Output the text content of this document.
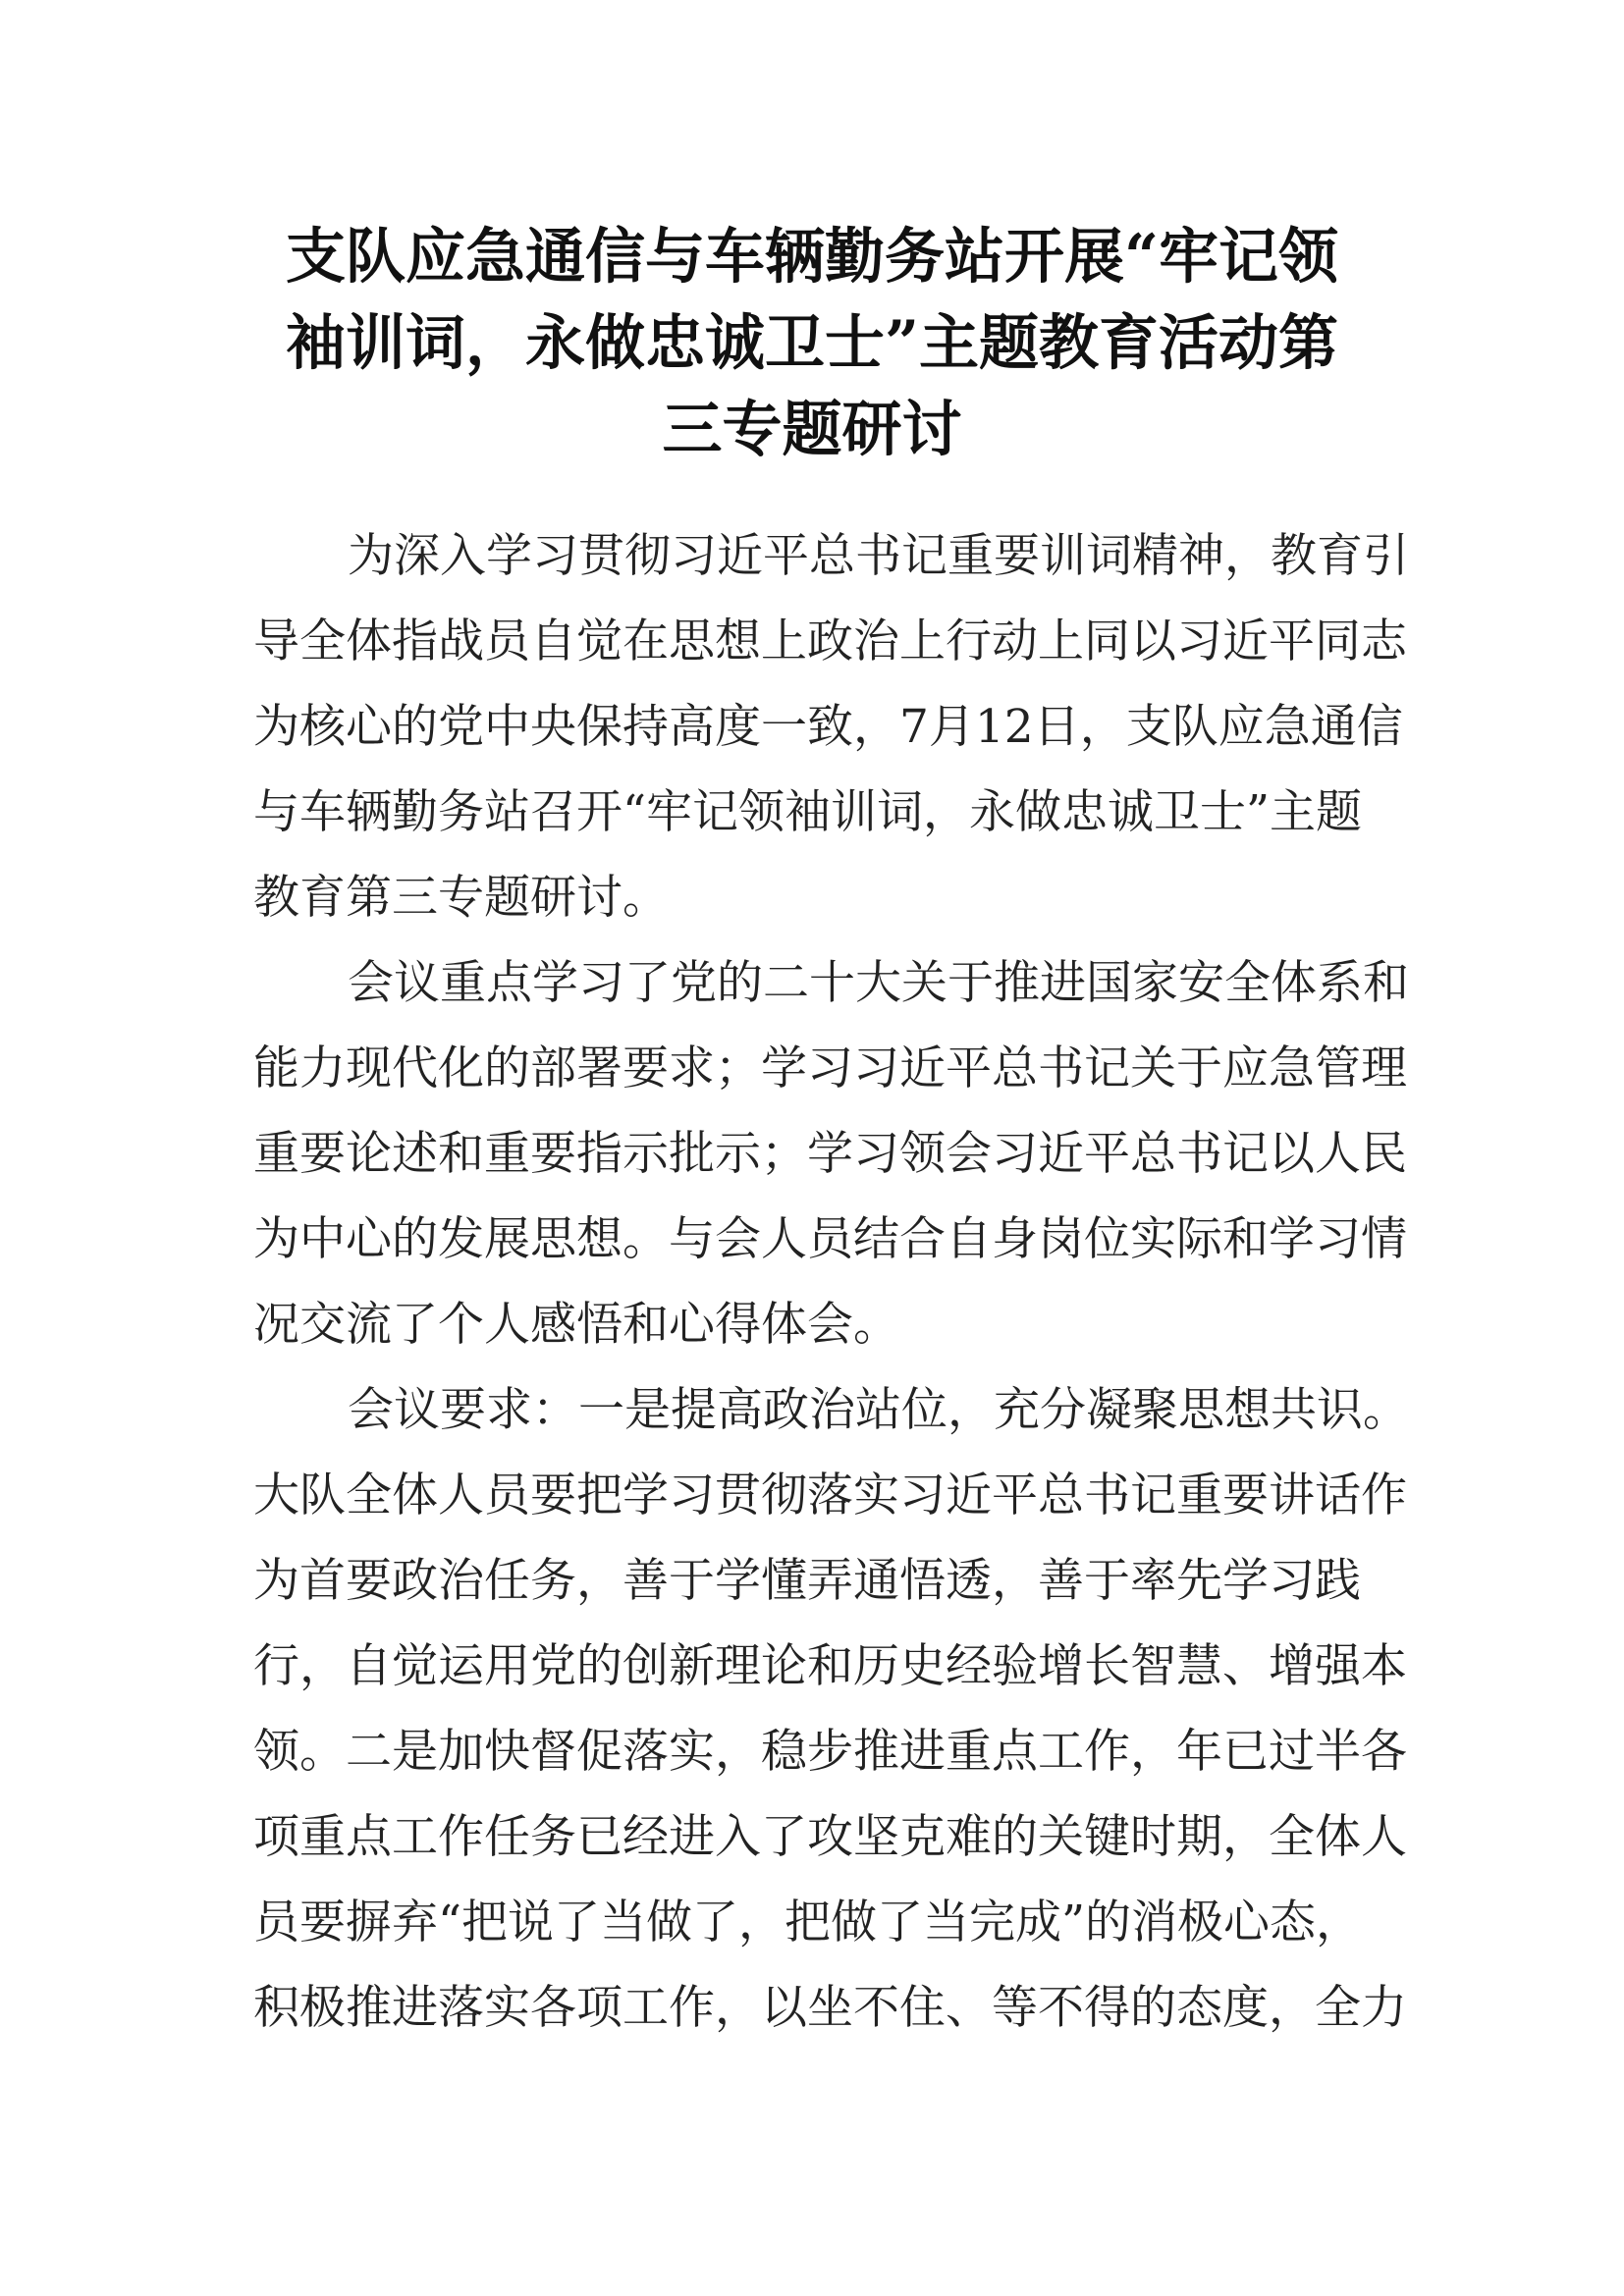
支队应急通信与车辆勤务站开展“牢记领
袖训词，永做忠诚卫士”主题教育活动第
三专题研讨
为深入学习贯彻习近平总书记重要训词精神，教育引
导全体指战员自觉在思想上政治上行动上同以习近平同志
为核心的党中央保持高度一致，7月12日，支队应急通信
与车辆勤务站召开“牢记领袖训词，永做忠诚卫士”主题
教育第三专题研讨。
会议重点学习了党的二十大关于推进国家安全体系和
能力现代化的部署要求；学习习近平总书记关于应急管理
重要论述和重要指示批示；学习领会习近平总书记以人民
为中心的发展思想。与会人员结合自身岗位实际和学习情
况交流了个人感悟和心得体会。
会议要求：一是提高政治站位，充分凝聚思想共识。
大队全体人员要把学习贯彻落实习近平总书记重要讲话作
为首要政治任务，善于学懂弄通悟透，善于率先学习践
行，自觉运用党的创新理论和历史经验增长智慧、增强本
领。二是加快督促落实，稳步推进重点工作，年已过半各
项重点工作任务已经进入了攻坚克难的关键时期，全体人
员要摒弃“把说了当做了，把做了当完成”的消极心态，
积极推进落实各项工作，以坐不住、等不得的态度，全力
